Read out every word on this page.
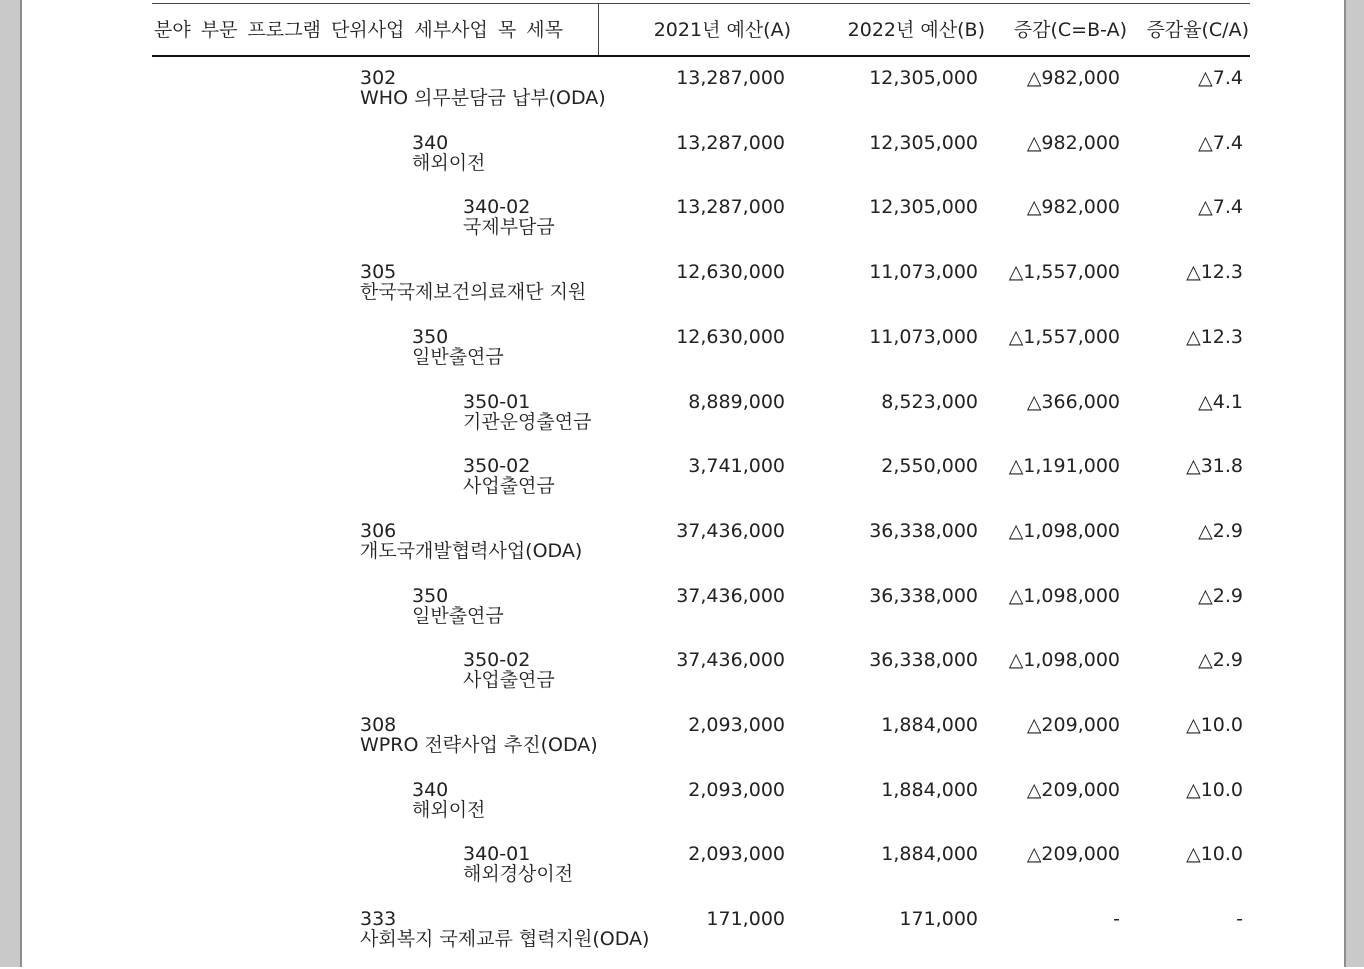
분야 부문 프로그램 단위사업 세부사업 목 세목	2021년 예산(A)	2022년 예산(B)	증감(C=B-A)	증감율(C/A)
302
WHO 의무분담금 납부(ODA)
13,287,000	12,305,000	△982,000	△7.4
340
해외이전
13,287,000	12,305,000	△982,000	△7.4
340-02
국제부담금
13,287,000	12,305,000	△982,000	△7.4
305
한국국제보건의료재단 지원
12,630,000	11,073,000	△1,557,000	△12.3
350
일반출연금
12,630,000	11,073,000	△1,557,000	△12.3
350-01
기관운영출연금
8,889,000	8,523,000	△366,000	△4.1
350-02
사업출연금
3,741,000	2,550,000	△1,191,000	△31.8
306
개도국개발협력사업(ODA)
37,436,000	36,338,000	△1,098,000	△2.9
350
일반출연금
37,436,000	36,338,000	△1,098,000	△2.9
350-02
사업출연금
37,436,000	36,338,000	△1,098,000	△2.9
308
WPRO 전략사업 추진(ODA)
2,093,000	1,884,000	△209,000	△10.0
340
해외이전
2,093,000	1,884,000	△209,000	△10.0
340-01
해외경상이전
2,093,000	1,884,000	△209,000	△10.0
333
사회복지 국제교류 협력지원(ODA)
171,000	171,000	-	-
